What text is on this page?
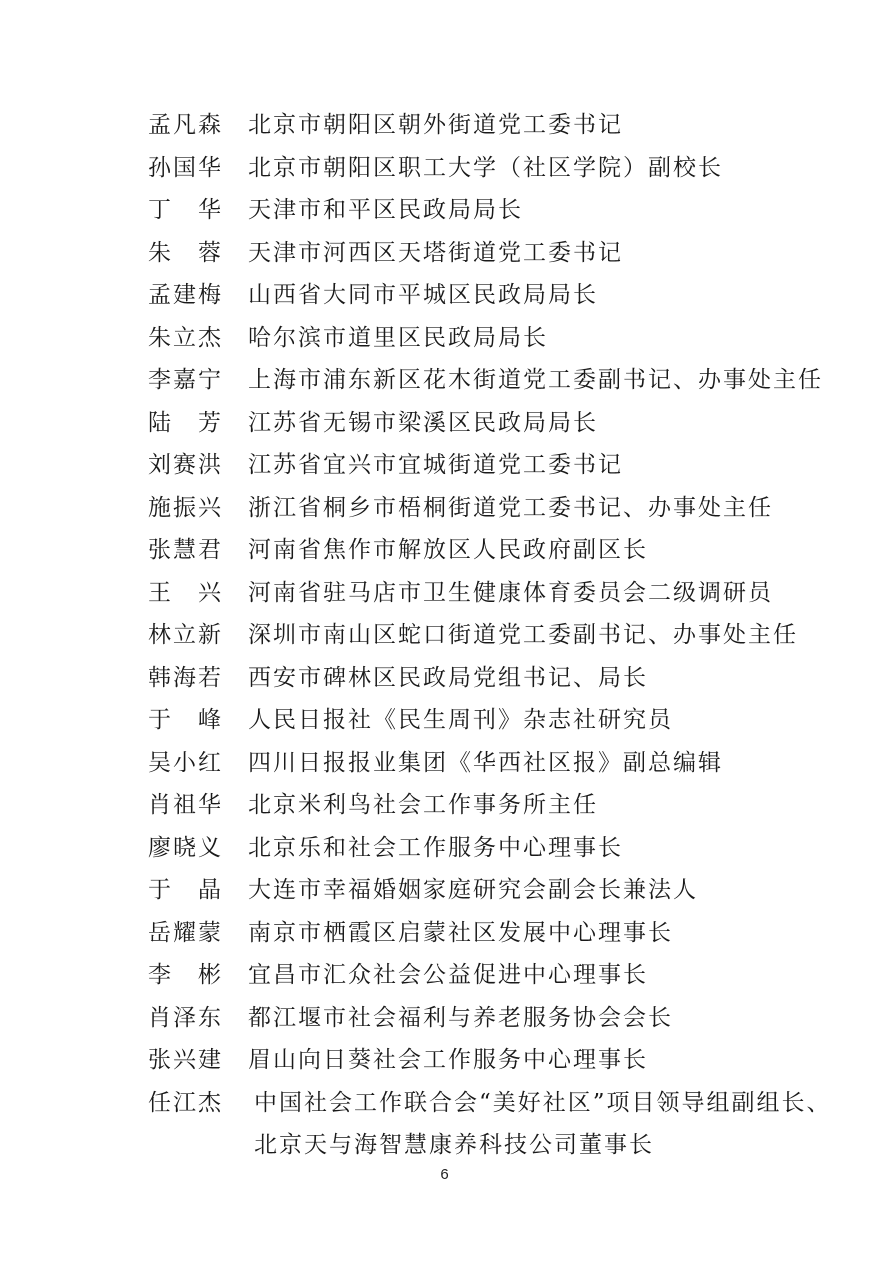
孟凡森	北京市朝阳区朝外街道党工委书记
孙国华	北京市朝阳区职工大学（社区学院）副校长
丁　华	天津市和平区民政局局长
朱　蓉	天津市河西区天塔街道党工委书记
孟建梅	山西省大同市平城区民政局局长
朱立杰	哈尔滨市道里区民政局局长
李嘉宁	上海市浦东新区花木街道党工委副书记、办事处主任
陆　芳	江苏省无锡市梁溪区民政局局长
刘赛洪	江苏省宜兴市宜城街道党工委书记
施振兴	浙江省桐乡市梧桐街道党工委书记、办事处主任
张慧君	河南省焦作市解放区人民政府副区长
王　兴	河南省驻马店市卫生健康体育委员会二级调研员
林立新	深圳市南山区蛇口街道党工委副书记、办事处主任
韩海若	西安市碑林区民政局党组书记、局长
于　峰	人民日报社《民生周刊》杂志社研究员
吴小红	四川日报报业集团《华西社区报》副总编辑
肖祖华	北京米利鸟社会工作事务所主任
廖晓义	北京乐和社会工作服务中心理事长
于　晶	大连市幸福婚姻家庭研究会副会长兼法人
岳耀蒙	南京市栖霞区启蒙社区发展中心理事长
李　彬	宜昌市汇众社会公益促进中心理事长
肖泽东	都江堰市社会福利与养老服务协会会长
张兴建	眉山向日葵社会工作服务中心理事长
任江杰	中国社会工作联合会“美好社区”项目领导组副组长、北京天与海智慧康养科技公司董事长
6
